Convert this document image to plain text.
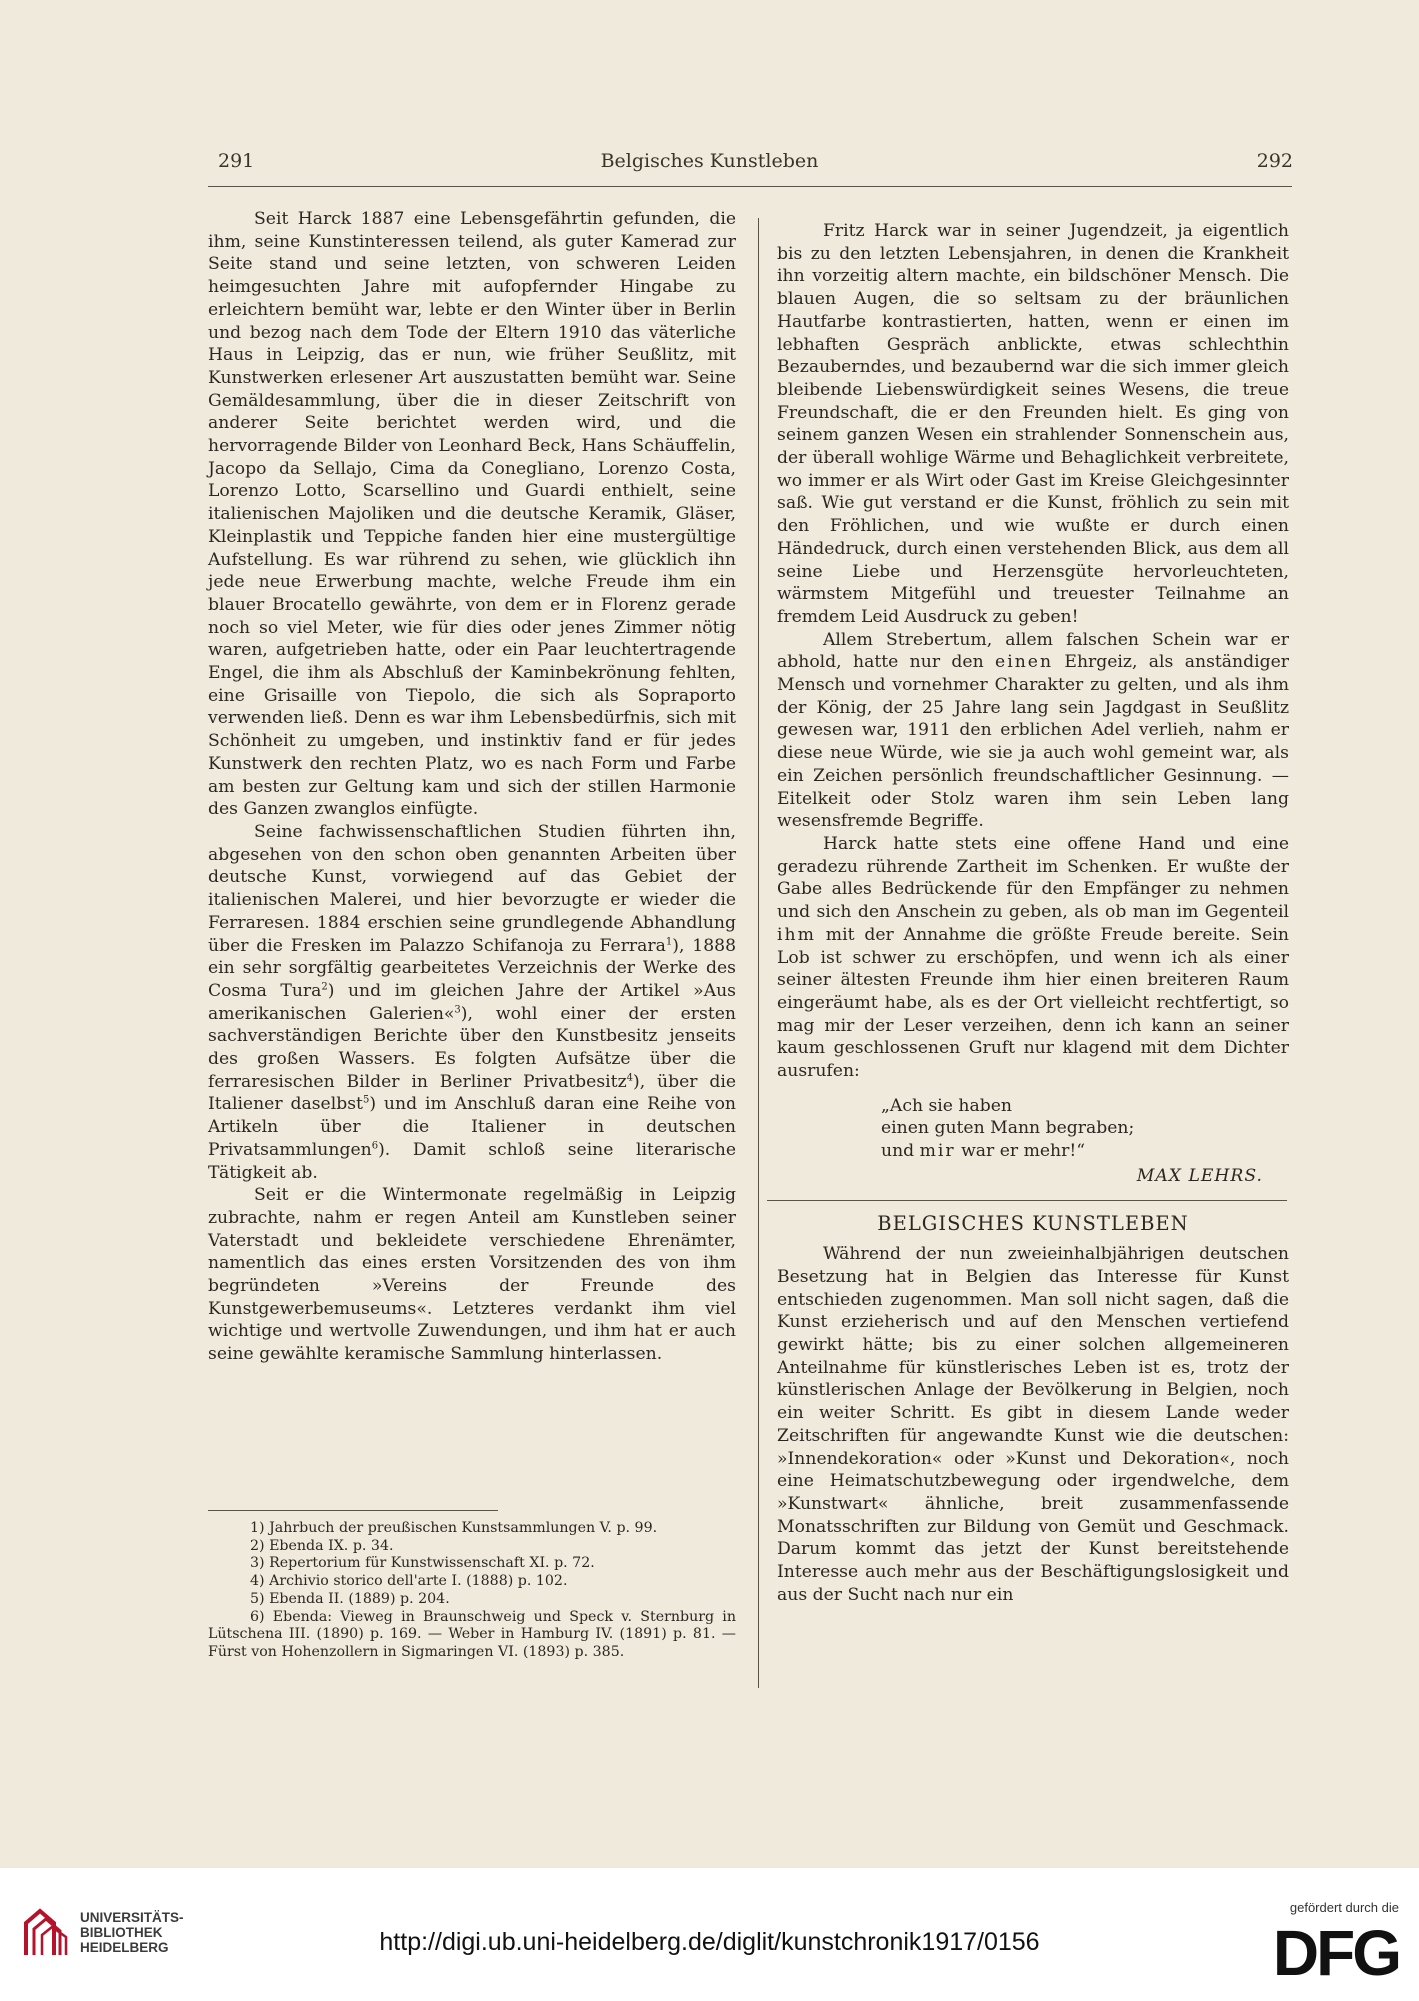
291	Belgisches Kunstleben	292

Seit Harck 1887 eine Lebensgefährtin gefunden, die ihm, seine Kunstinteressen teilend, als guter Kamerad zur Seite stand und seine letzten, von schweren Leiden heimgesuchten Jahre mit aufopfernder Hingabe zu erleichtern bemüht war, lebte er den Winter über in Berlin und bezog nach dem Tode der Eltern 1910 das väterliche Haus in Leipzig, das er nun, wie früher Seußlitz, mit Kunstwerken erlesener Art auszustatten bemüht war. Seine Gemäldesammlung, über die in dieser Zeitschrift von anderer Seite berichtet werden wird, und die hervorragende Bilder von Leonhard Beck, Hans Schäuffelin, Jacopo da Sellajo, Cima da Conegliano, Lorenzo Costa, Lorenzo Lotto, Scarsellino und Guardi enthielt, seine italienischen Majoliken und die deutsche Keramik, Gläser, Kleinplastik und Teppiche fanden hier eine mustergültige Aufstellung. Es war rührend zu sehen, wie glücklich ihn jede neue Erwerbung machte, welche Freude ihm ein blauer Brocatello gewährte, von dem er in Florenz gerade noch so viel Meter, wie für dies oder jenes Zimmer nötig waren, aufgetrieben hatte, oder ein Paar leuchtertragende Engel, die ihm als Abschluß der Kaminbekrönung fehlten, eine Grisaille von Tiepolo, die sich als Sopraporto verwenden ließ. Denn es war ihm Lebensbedürfnis, sich mit Schönheit zu umgeben, und instinktiv fand er für jedes Kunstwerk den rechten Platz, wo es nach Form und Farbe am besten zur Geltung kam und sich der stillen Harmonie des Ganzen zwanglos einfügte.

Seine fachwissenschaftlichen Studien führten ihn, abgesehen von den schon oben genannten Arbeiten über deutsche Kunst, vorwiegend auf das Gebiet der italienischen Malerei, und hier bevorzugte er wieder die Ferraresen. 1884 erschien seine grundlegende Abhandlung über die Fresken im Palazzo Schifanoja zu Ferrara$^1$), 1888 ein sehr sorgfältig gearbeitetes Verzeichnis der Werke des Cosma Tura$^2$) und im gleichen Jahre der Artikel »Aus amerikanischen Galerien«$^3$), wohl einer der ersten sachverständigen Berichte über den Kunstbesitz jenseits des großen Wassers. Es folgten Aufsätze über die ferraresischen Bilder in Berliner Privatbesitz$^4$), über die Italiener daselbst$^5$) und im Anschluß daran eine Reihe von Artikeln über die Italiener in deutschen Privatsammlungen$^6$). Damit schloß seine literarische Tätigkeit ab.

Seit er die Wintermonate regelmäßig in Leipzig zubrachte, nahm er regen Anteil am Kunstleben seiner Vaterstadt und bekleidete verschiedene Ehrenämter, namentlich das eines ersten Vorsitzenden des von ihm begründeten »Vereins der Freunde des Kunstgewerbemuseums«. Letzteres verdankt ihm viel wichtige und wertvolle Zuwendungen, und ihm hat er auch seine gewählte keramische Sammlung hinterlassen.

1) Jahrbuch der preußischen Kunstsammlungen V. p. 99.
2) Ebenda IX. p. 34.
3) Repertorium für Kunstwissenschaft XI. p. 72.
4) Archivio storico dell'arte I. (1888) p. 102.
5) Ebenda II. (1889) p. 204.
6) Ebenda: Vieweg in Braunschweig und Speck v. Sternburg in Lütschena III. (1890) p. 169. — Weber in Hamburg IV. (1891) p. 81. — Fürst von Hohenzollern in Sigmaringen VI. (1893) p. 385.

Fritz Harck war in seiner Jugendzeit, ja eigentlich bis zu den letzten Lebensjahren, in denen die Krankheit ihn vorzeitig altern machte, ein bildschöner Mensch. Die blauen Augen, die so seltsam zu der bräunlichen Hautfarbe kontrastierten, hatten, wenn er einen im lebhaften Gespräch anblickte, etwas schlechthin Bezauberndes, und bezaubernd war die sich immer gleich bleibende Liebenswürdigkeit seines Wesens, die treue Freundschaft, die er den Freunden hielt. Es ging von seinem ganzen Wesen ein strahlender Sonnenschein aus, der überall wohlige Wärme und Behaglichkeit verbreitete, wo immer er als Wirt oder Gast im Kreise Gleichgesinnter saß. Wie gut verstand er die Kunst, fröhlich zu sein mit den Fröhlichen, und wie wußte er durch einen Händedruck, durch einen verstehenden Blick, aus dem all seine Liebe und Herzensgüte hervorleuchteten, wärmstem Mitgefühl und treuester Teilnahme an fremdem Leid Ausdruck zu geben!

Allem Strebertum, allem falschen Schein war er abhold, hatte nur den einen Ehrgeiz, als anständiger Mensch und vornehmer Charakter zu gelten, und als ihm der König, der 25 Jahre lang sein Jagdgast in Seußlitz gewesen war, 1911 den erblichen Adel verlieh, nahm er diese neue Würde, wie sie ja auch wohl gemeint war, als ein Zeichen persönlich freundschaftlicher Gesinnung. — Eitelkeit oder Stolz waren ihm sein Leben lang wesensfremde Begriffe.

Harck hatte stets eine offene Hand und eine geradezu rührende Zartheit im Schenken. Er wußte der Gabe alles Bedrückende für den Empfänger zu nehmen und sich den Anschein zu geben, als ob man im Gegenteil ihm mit der Annahme die größte Freude bereite. Sein Lob ist schwer zu erschöpfen, und wenn ich als einer seiner ältesten Freunde ihm hier einen breiteren Raum eingeräumt habe, als es der Ort vielleicht rechtfertigt, so mag mir der Leser verzeihen, denn ich kann an seiner kaum geschlossenen Gruft nur klagend mit dem Dichter ausrufen:

„Ach sie haben
einen guten Mann begraben;
und mir war er mehr!“
MAX LEHRS.
BELGISCHES KUNSTLEBEN

Während der nun zweieinhalbjährigen deutschen Besetzung hat in Belgien das Interesse für Kunst entschieden zugenommen. Man soll nicht sagen, daß die Kunst erzieherisch und auf den Menschen vertiefend gewirkt hätte; bis zu einer solchen allgemeineren Anteilnahme für künstlerisches Leben ist es, trotz der künstlerischen Anlage der Bevölkerung in Belgien, noch ein weiter Schritt. Es gibt in diesem Lande weder Zeitschriften für angewandte Kunst wie die deutschen: »Innendekoration« oder »Kunst und Dekoration«, noch eine Heimatschutzbewegung oder irgendwelche, dem »Kunstwart« ähnliche, breit zusammenfassende Monatsschriften zur Bildung von Gemüt und Geschmack. Darum kommt das jetzt der Kunst bereitstehende Interesse auch mehr aus der Beschäftigungslosigkeit und aus der Sucht nach nur ein

UNIVERSITÄTS-
BIBLIOTHEK
HEIDELBERG	http://digi.ub.uni-heidelberg.de/diglit/kunstchronik1917/0156
gefördert durch die
DFG
